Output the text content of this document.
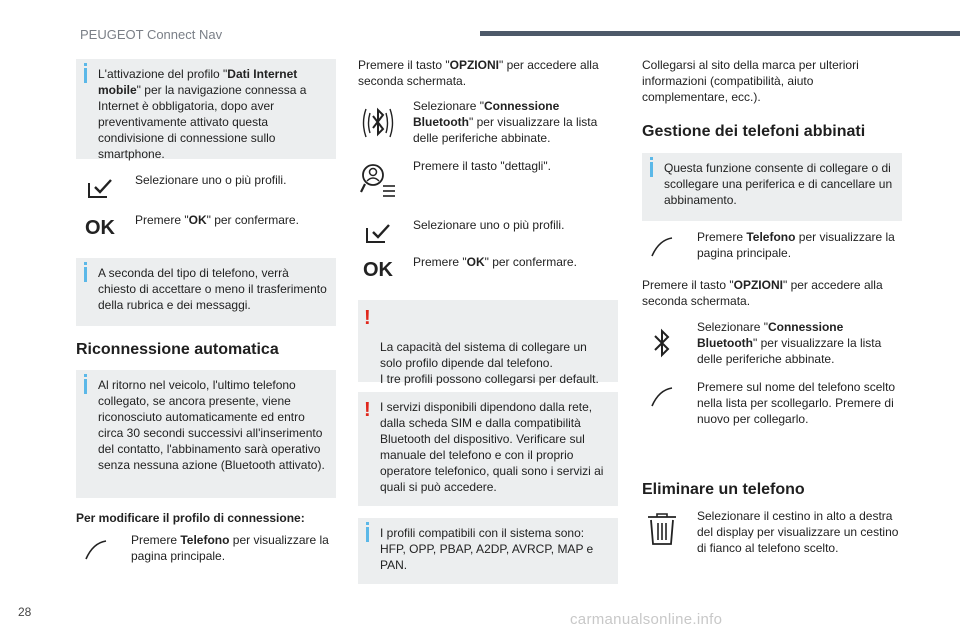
PEUGEOT Connect Nav
L'attivazione del profilo "Dati Internet mobile" per la navigazione connessa a Internet è obbligatoria, dopo aver preventivamente attivato questa condivisione di connessione sullo smartphone.
Selezionare uno o più profili.
OK Premere "OK" per confermare.
A seconda del tipo di telefono, verrà chiesto di accettare o meno il trasferimento della rubrica e dei messaggi.
Riconnessione automatica
Al ritorno nel veicolo, l'ultimo telefono collegato, se ancora presente, viene riconosciuto automaticamente ed entro circa 30 secondi successivi all'inserimento del contatto, l'abbinamento sarà operativo senza nessuna azione (Bluetooth attivato).
Per modificare il profilo di connessione:
Premere Telefono per visualizzare la pagina principale.
Premere il tasto "OPZIONI" per accedere alla seconda schermata.
Selezionare "Connessione Bluetooth" per visualizzare la lista delle periferiche abbinate.
Premere il tasto "dettagli".
Selezionare uno o più profili.
OK Premere "OK" per confermare.

!

La capacità del sistema di collegare un solo profilo dipende dal telefono.
I tre profili possono collegarsi per default.

! I servizi disponibili dipendono dalla rete, dalla scheda SIM e dalla compatibilità Bluetooth del dispositivo. Verificare sul manuale del telefono e con il proprio operatore telefonico, quali sono i servizi ai quali si può accedere.
I profili compatibili con il sistema sono: HFP, OPP, PBAP, A2DP, AVRCP, MAP e PAN.
Collegarsi al sito della marca per ulteriori informazioni (compatibilità, aiuto complementare, ecc.).
Gestione dei telefoni abbinati
Questa funzione consente di collegare o di scollegare una periferica e di cancellare un abbinamento.
Premere Telefono per visualizzare la pagina principale.
Premere il tasto "OPZIONI" per accedere alla seconda schermata.
Selezionare "Connessione Bluetooth" per visualizzare la lista delle periferiche abbinate.
Premere sul nome del telefono scelto nella lista per scollegarlo. Premere di nuovo per collegarlo.
Eliminare un telefono
Selezionare il cestino in alto a destra del display per visualizzare un cestino di fianco al telefono scelto.
28	carmanualsonline.info
